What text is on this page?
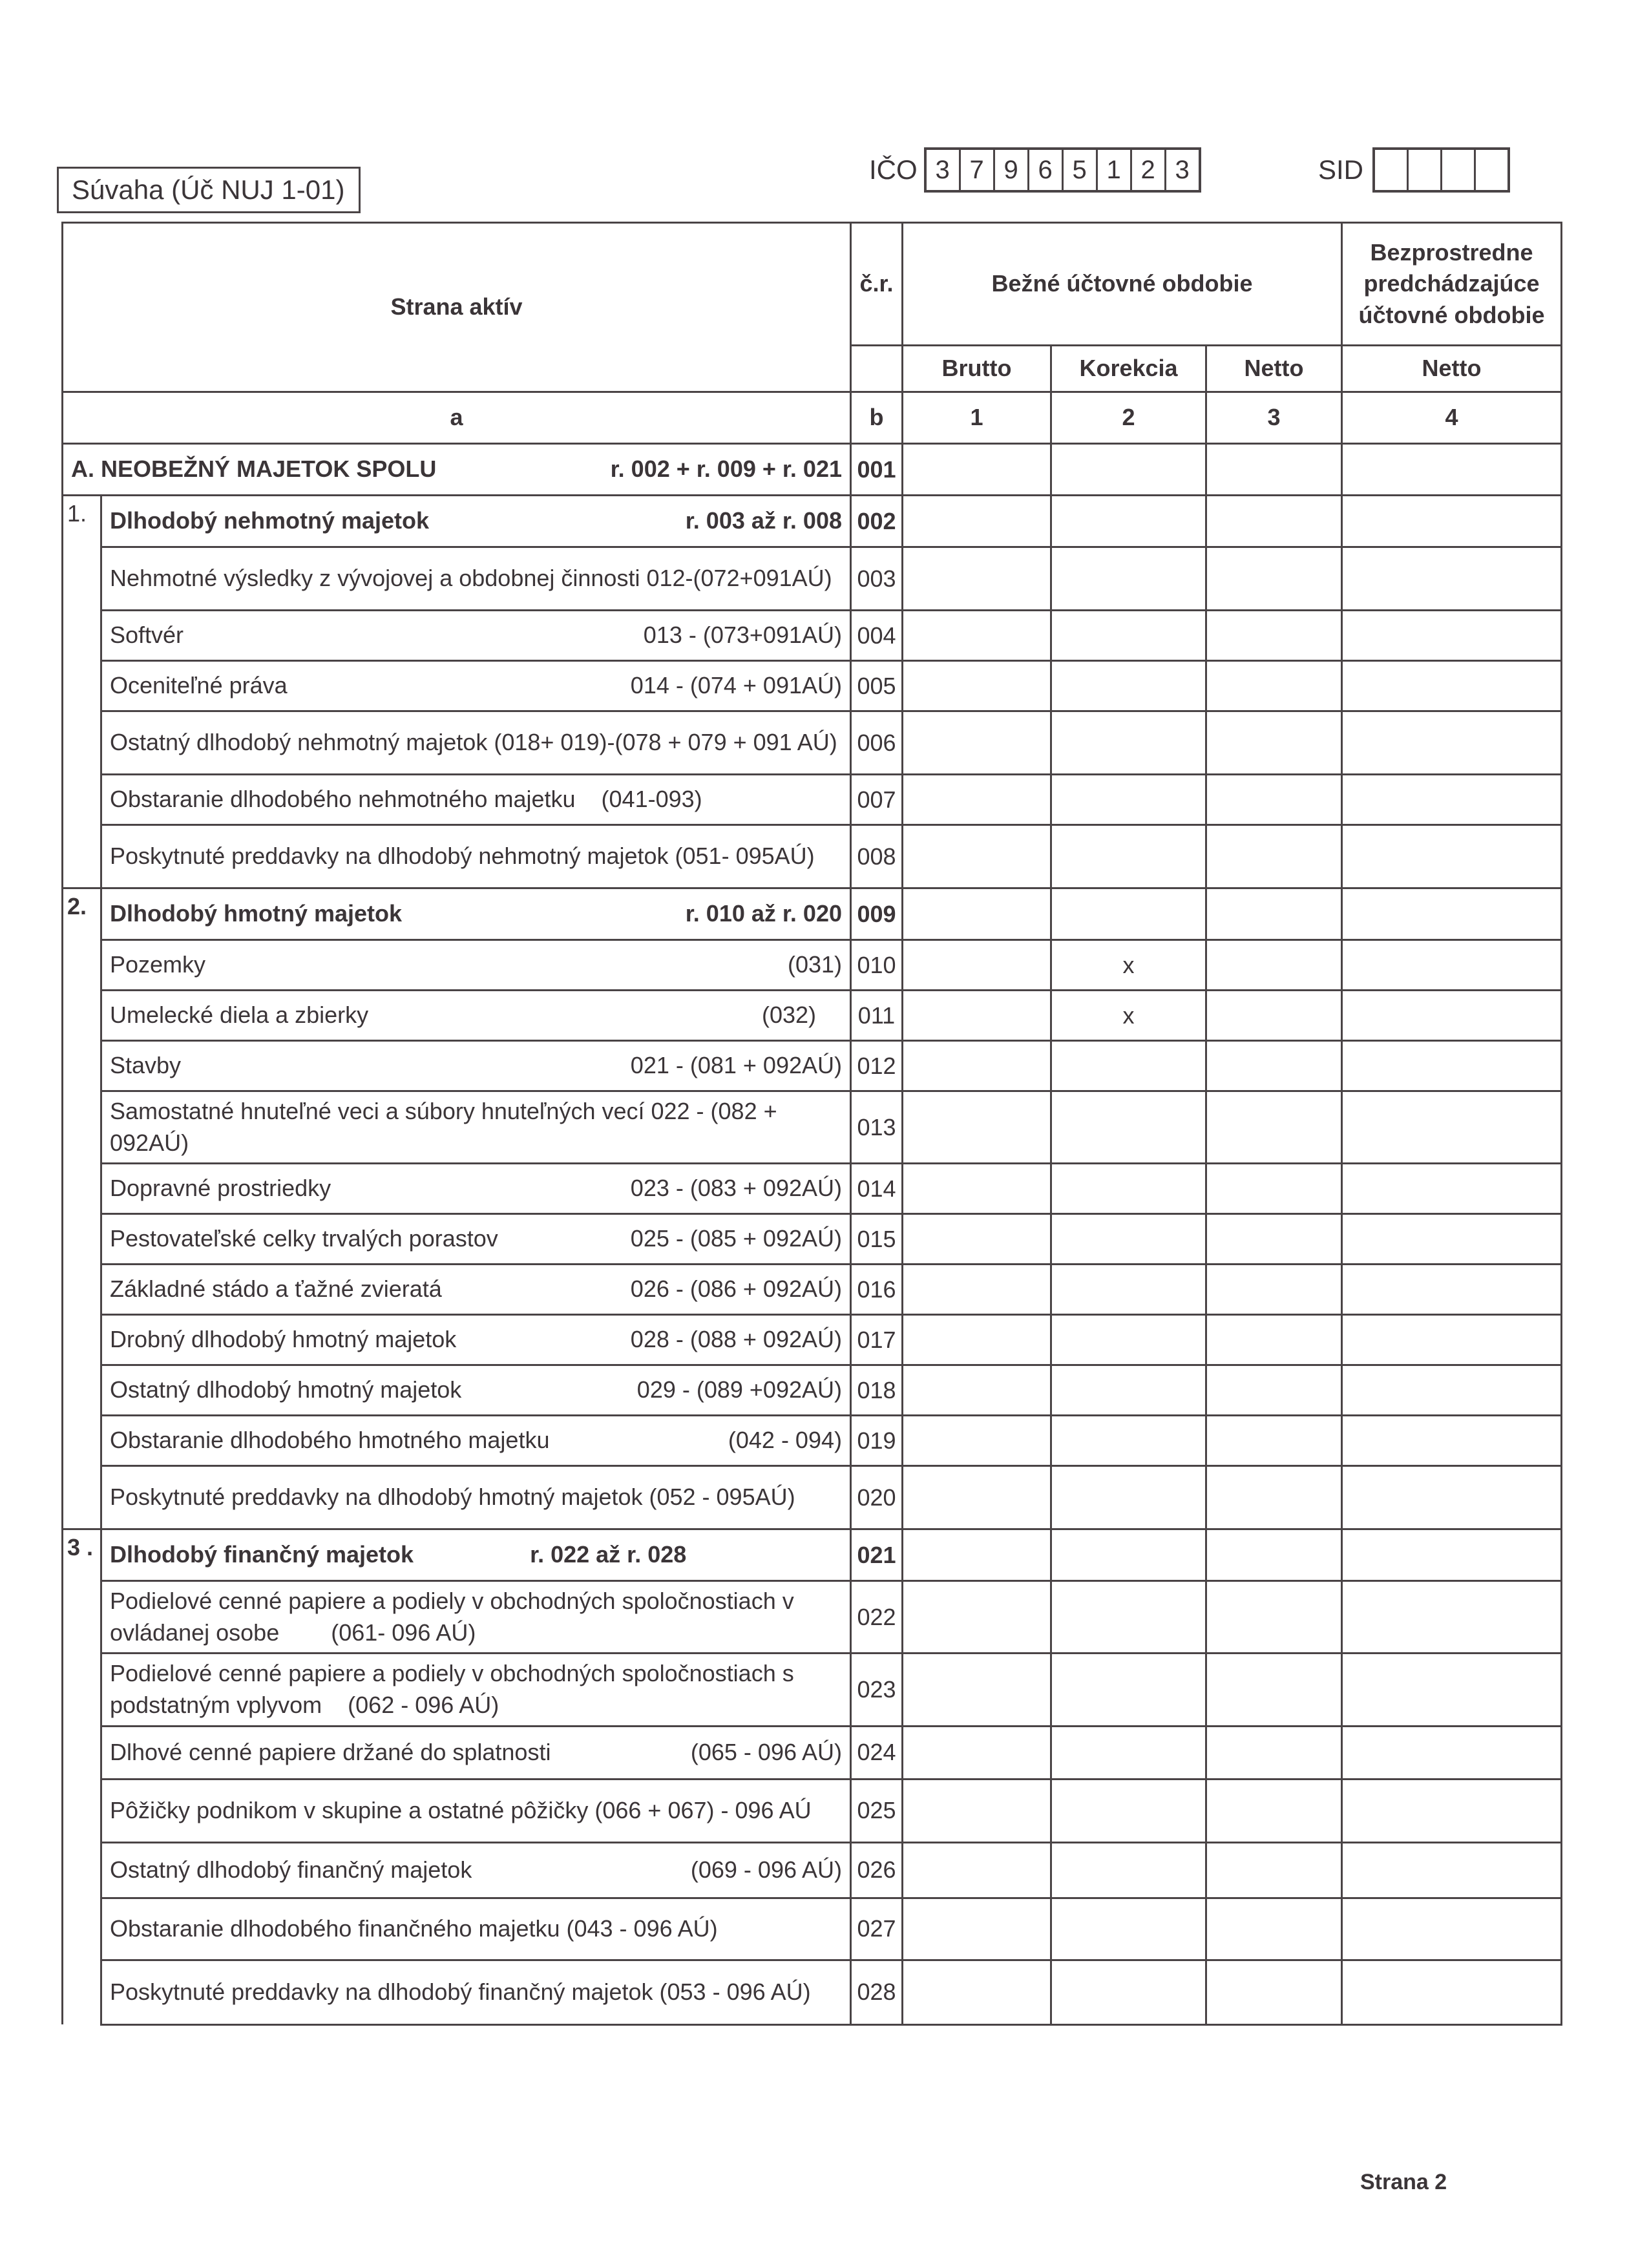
Súvaha (Úč NUJ 1-01)
IČO 3 7 9 6 5 1 2 3	SID
Strana aktív		č.r.	Bežné účtovné obdobie			Bezprostredne predchádzajúce účtovné obdobie
			Brutto	Korekcia	Netto	Netto
a		b	1	2	3	4

A. NEOBEŽNÝ MAJETOK SPOLU r. 002 + r. 009 + r. 021		001				
1.	Dlhodobý nehmotný majetok r. 003 až r. 008	002				
	Nehmotné výsledky z vývojovej a obdobnej činnosti 012-(072+091AÚ)	003				

	Softvér 013 - (073+091AÚ)	004				

	Oceniteľné práva 014 - (074 + 091AÚ)	005				
	Ostatný dlhodobý nehmotný majetok (018+ 019)-(078 + 079 + 091 AÚ)	006				
	Obstaranie dlhodobého nehmotného majetku (041-093)	007				
	Poskytnuté preddavky na dlhodobý nehmotný majetok (051- 095AÚ)	008				
2.	Dlhodobý hmotný majetok r. 010 až r. 020	009				

	Pozemky (031)	010		x		

	Umelecké diela a zbierky (032)	011		x		

	Stavby 021 - (081 + 092AÚ)	012				
	Samostatné hnuteľné veci a súbory hnuteľných vecí 022 - (082 + 092AÚ)	013				

	Dopravné prostriedky 023 - (083 + 092AÚ)	014				

	Pestovateľské celky trvalých porastov 025 - (085 + 092AÚ)	015				

	Základné stádo a ťažné zvieratá 026 - (086 + 092AÚ)	016				

	Drobný dlhodobý hmotný majetok 028 - (088 + 092AÚ)	017				

	Ostatný dlhodobý hmotný majetok 029 - (089 +092AÚ)	018				

	Obstaranie dlhodobého hmotného majetku (042 - 094)	019				
	Poskytnuté preddavky na dlhodobý hmotný majetok (052 - 095AÚ)	020				
3 .	Dlhodobý finančný majetok r. 022 až r. 028	021				
	Podielové cenné papiere a podiely v obchodných spoločnostiach v ovládanej osobe (061- 096 AÚ)	022				
	Podielové cenné papiere a podiely v obchodných spoločnostiach s podstatným vplyvom (062 - 096 AÚ)	023				

	Dlhové cenné papiere držané do splatnosti (065 - 096 AÚ)	024				
	Pôžičky podnikom v skupine a ostatné pôžičky (066 + 067) - 096 AÚ	025				

	Ostatný dlhodobý finančný majetok (069 - 096 AÚ)	026				
	Obstaranie dlhodobého finančného majetku (043 - 096 AÚ)	027				
	Poskytnuté preddavky na dlhodobý finančný majetok (053 - 096 AÚ)	028				
Strana 2
